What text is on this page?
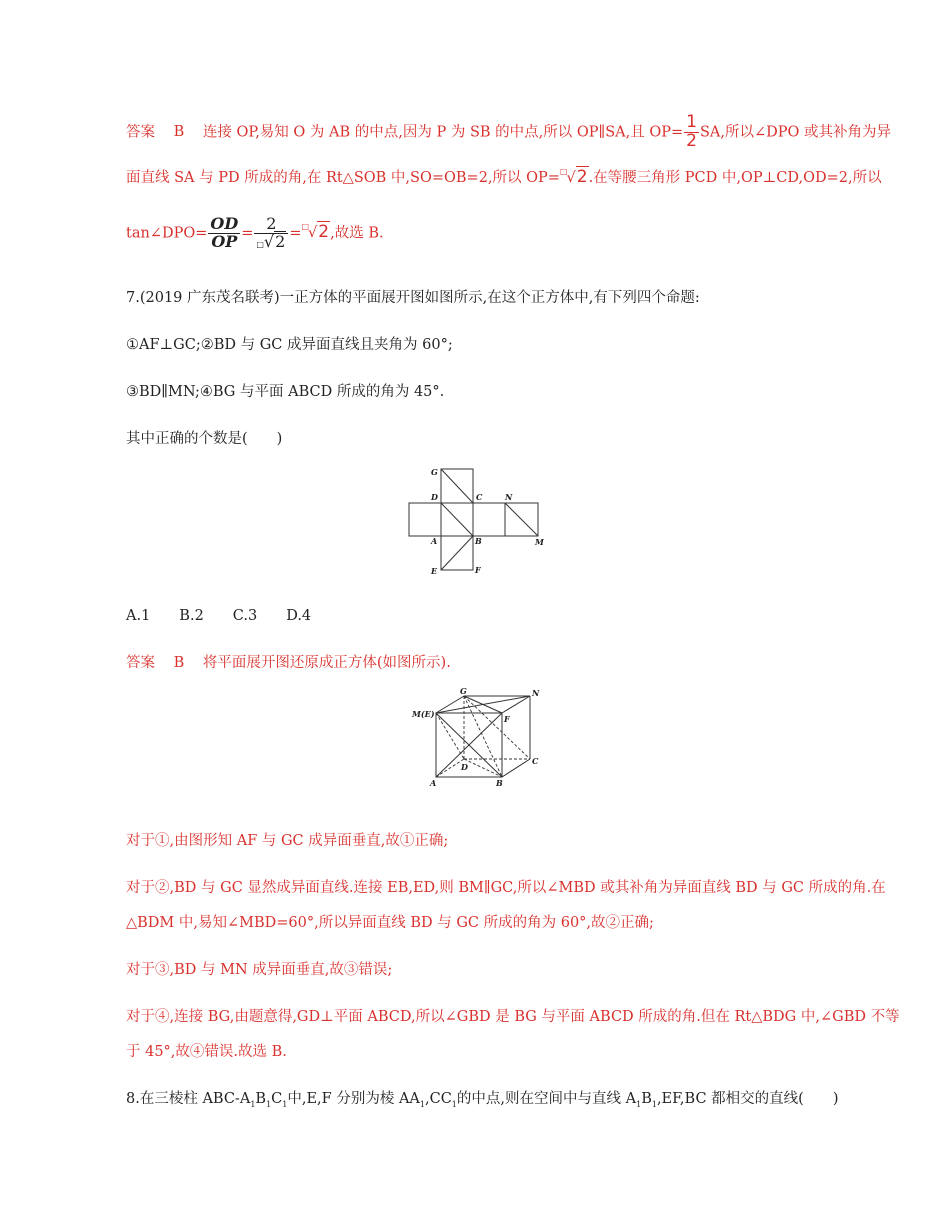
答案 B 连接 OP,易知 O 为 AB 的中点,因为 P 为 SB 的中点,所以 OP∥SA,且 $OP= \frac{1}{2}$ SA,所以∠DPO 或其补角为异
面直线 SA 与 PD 所成的角,在 Rt△SOB 中,SO=OB=2,所以 OP=□√2.在等腰三角形 PCD 中,OP⊥CD,OD=2,所以
tan∠DPO= $\frac{OD}{OP} = \frac{2}{□√2} =^□√2$,故选 B.
7.(2019 广东茂名联考)一正方体的平面展开图如图所示,在这个正方体中,有下列四个命题:
①AF⊥GC;②BD 与 GC 成异面直线且夹角为 60°;
③BD∥MN;④BG 与平面 ABCD 所成的角为 45°.
其中正确的个数是(　　)
G
D	C	N
A	B	M
E	F
A.1　　B.2　　C.3　　D.4
答案 B 将平面展开图还原成正方体(如图所示).
G	N
M(E)	F
D
C
A	B
对于①,由图形知 AF 与 GC 成异面垂直,故①正确;
对于②,BD 与 GC 显然成异面直线.连接 EB,ED,则 BM∥GC,所以∠MBD 或其补角为异面直线 BD 与 GC 所成的角.在
△BDM 中,易知∠MBD=60°,所以异面直线 BD 与 GC 所成的角为 60°,故②正确;
对于③,BD 与 MN 成异面垂直,故③错误;
对于④,连接 BG,由题意得,GD⊥平面 ABCD,所以∠GBD 是 BG 与平面 ABCD 所成的角.但在 Rt△BDG 中,∠GBD 不等
于 45°,故④错误.故选 B.
8.在三棱柱 ABC-$A_1B_1C_1$中,E,F 分别为棱 $AA_1,CC_1$的中点,则在空间中与直线 $A_1B_1,EF,BC$ 都相交的直线(　　)
